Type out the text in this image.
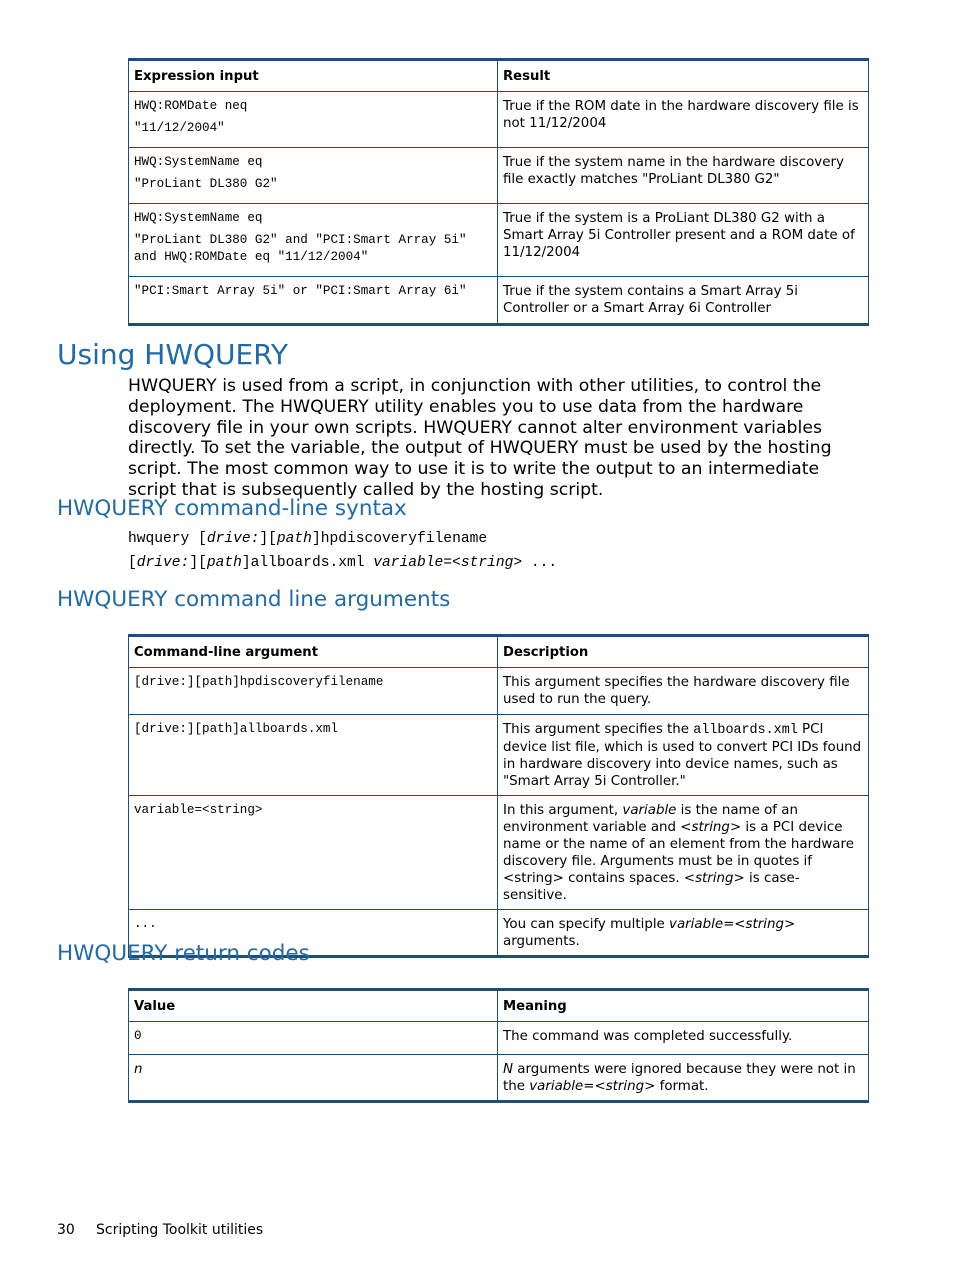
Expression input	Result

HWQ:ROMDate neq

"11/12/2004"	True if the ROM date in the hardware discovery file is not 11/12/2004

HWQ:SystemName eq

"ProLiant DL380 G2"	True if the system name in the hardware discovery file exactly matches "ProLiant DL380 G2"

HWQ:SystemName eq

"ProLiant DL380 G2" and "PCI:Smart Array 5i" and HWQ:ROMDate eq "11/12/2004"	True if the system is a ProLiant DL380 G2 with a Smart Array 5i Controller present and a ROM date of 11/12/2004

"PCI:Smart Array 5i" or "PCI:Smart Array 6i"	True if the system contains a Smart Array 5i Controller or a Smart Array 6i Controller
Using HWQUERY

HWQUERY is used from a script, in conjunction with other utilities, to control the deployment. The HWQUERY utility enables you to use data from the hardware discovery file in your own scripts. HWQUERY cannot alter environment variables directly. To set the variable, the output of HWQUERY must be used by the hosting script. The most common way to use it is to write the output to an intermediate script that is subsequently called by the hosting script.

HWQUERY command-line syntax
hwquery [drive:][path]hpdiscoveryfilename
[drive:][path]allboards.xml variable=<string> ...
HWQUERY command line arguments
Command-line argument	Description
[drive:][path]hpdiscoveryfilename	This argument specifies the hardware discovery file used to run the query.
[drive:][path]allboards.xml	This argument specifies the allboards.xml PCI device list file, which is used to convert PCI IDs found in hardware discovery into device names, such as "Smart Array 5i Controller."
variable=<string>	In this argument, variable is the name of an environment variable and <string> is a PCI device name or the name of an element from the hardware discovery file. Arguments must be in quotes if <string> contains spaces. <string> is case-sensitive.
...	You can specify multiple variable=<string> arguments.
HWQUERY return codes
Value	Meaning
0	The command was completed successfully.
n	N arguments were ignored because they were not in the variable=<string> format.
30 Scripting Toolkit utilities
